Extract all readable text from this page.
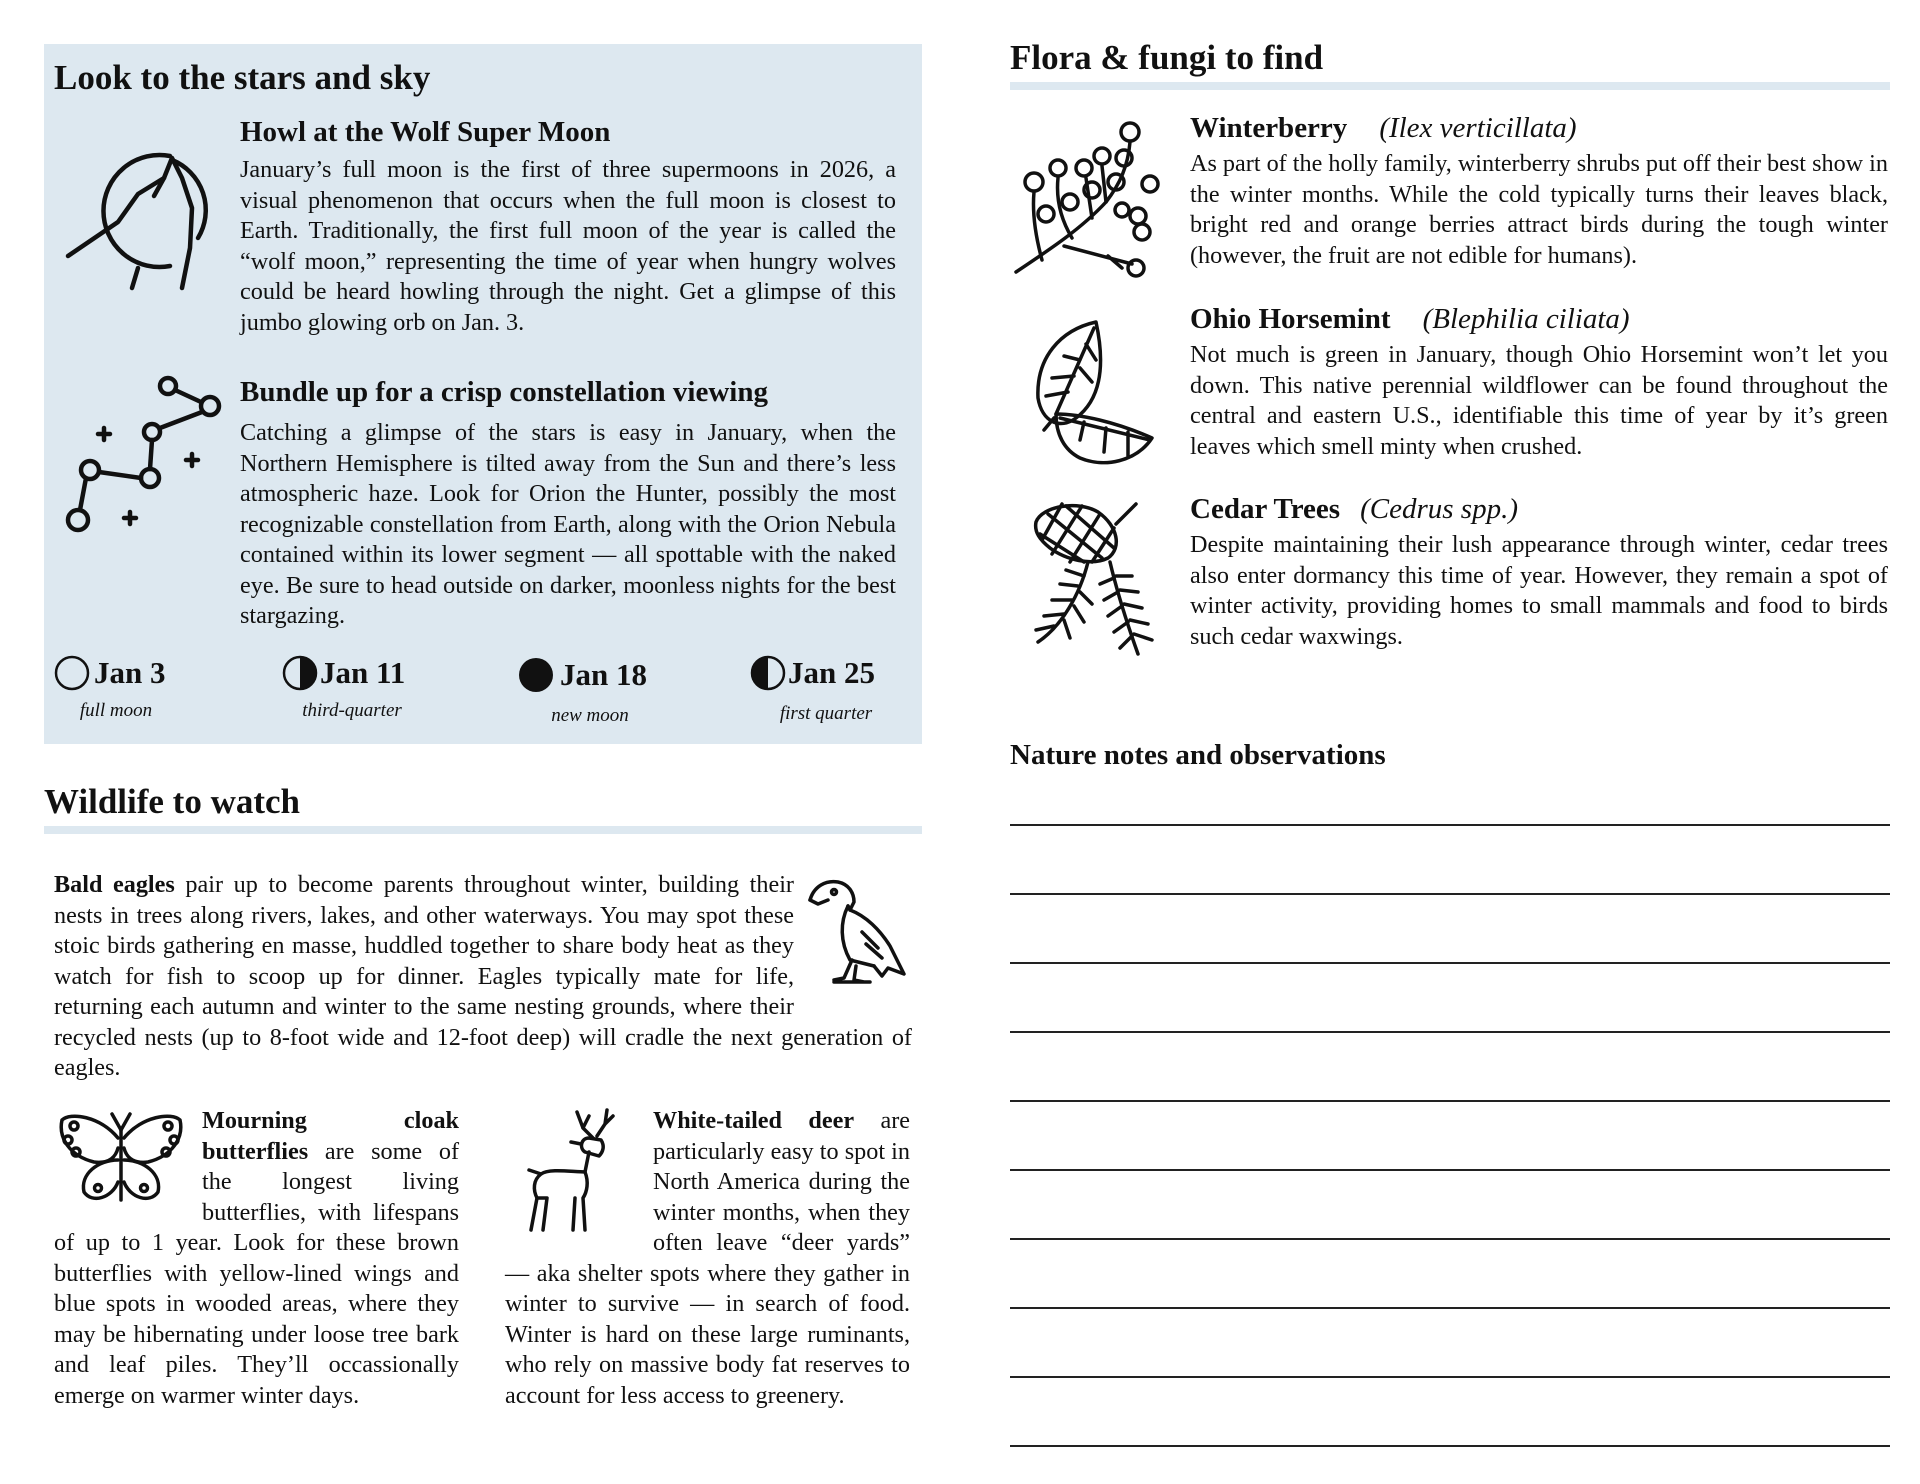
Look to the stars and sky
Howl at the Wolf Super Moon

January’s full moon is the first of three supermoons in 2026, a visual phenomenon that occurs when the full moon is closest to Earth. Traditionally, the first full moon of the year is called the “wolf moon,” representing the time of year when hungry wolves could be heard howling through the night. Get a glimpse of this jumbo glowing orb on Jan. 3.

Bundle up for a crisp constellation viewing

Catching a glimpse of the stars is easy in January, when the Northern Hemisphere is tilted away from the Sun and there’s less atmospheric haze. Look for Orion the Hunter, possibly the most recognizable constellation from Earth, along with the Orion Nebula contained within its lower segment — all spottable with the naked eye. Be sure to head outside on darker, moonless nights for the best stargazing.

Jan 3
full moon
Jan 11
third-quarter
Jan 18
new moon
Jan 25
first quarter
Wildlife to watch

Bald eagles pair up to become parents throughout winter, building their nests in trees along rivers, lakes, and other waterways. You may spot these stoic birds gathering en masse, huddled together to share body heat as they watch for fish to scoop up for dinner. Eagles typically mate for life, returning each autumn and winter to the same nesting grounds, where their recycled nests (up to 8-foot wide and 12-foot deep) will cradle the next generation of eagles.

Mourning cloak butterflies are some of the longest living butterflies, with lifespans of up to 1 year. Look for these brown butterflies with yellow-lined wings and blue spots in wooded areas, where they may be hibernating under loose tree bark and leaf piles. They’ll occassionally emerge on warmer winter days.

White-tailed deer are particularly easy to spot in North America during the winter months, when they often leave “deer yards” — aka shelter spots where they gather in winter to survive — in search of food. Winter is hard on these large ruminants, who rely on massive body fat reserves to account for less access to greenery.

Flora & fungi to find
Winterberry (Ilex verticillata)

As part of the holly family, winterberry shrubs put off their best show in the winter months. While the cold typically turns their leaves black, bright red and orange berries attract birds during the tough winter (however, the fruit are not edible for humans).

Ohio Horsemint (Blephilia ciliata)

Not much is green in January, though Ohio Horsemint won’t let you down. This native perennial wildflower can be found throughout the central and eastern U.S., identifiable this time of year by it’s green leaves which smell minty when crushed.

Cedar Trees (Cedrus spp.)

Despite maintaining their lush appearance through winter, cedar trees also enter dormancy this time of year. However, they remain a spot of winter activity, providing homes to small mammals and food to birds such cedar waxwings.

Nature notes and observations
